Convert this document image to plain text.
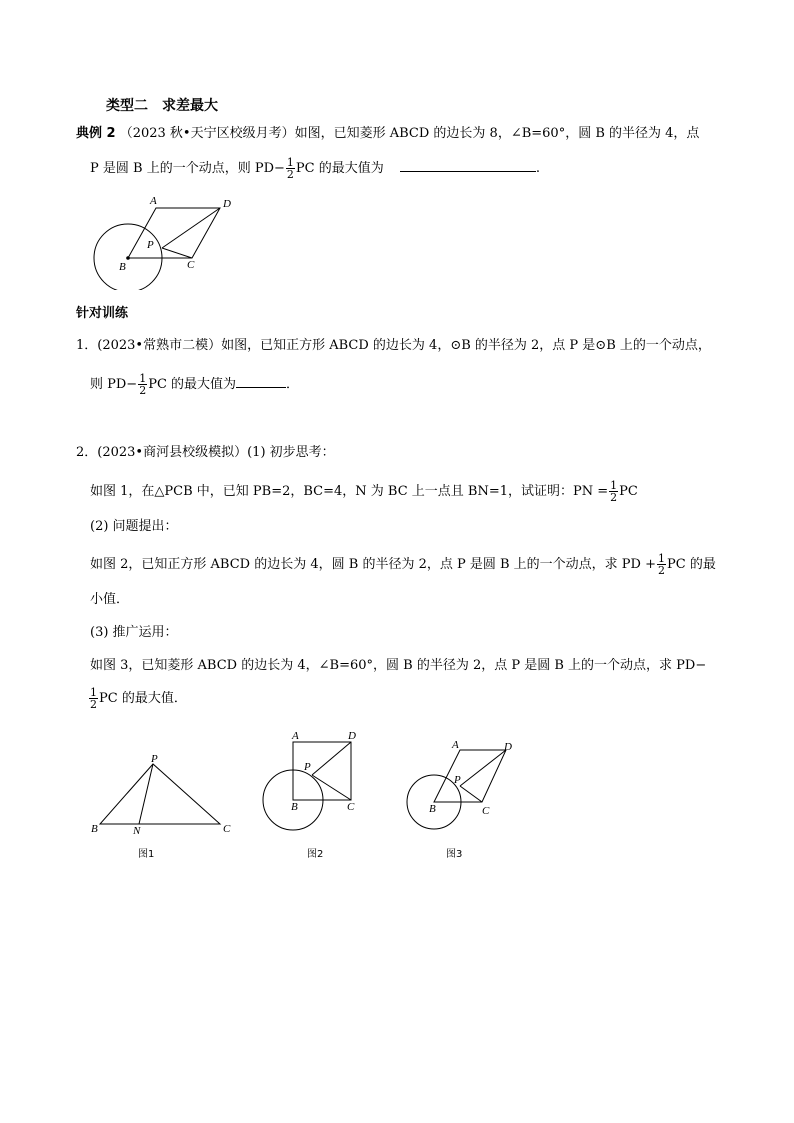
类型二　求差最大
典例 2 （2023 秋•天宁区校级月考）如图，已知菱形 ABCD 的边长为 8，∠B=60°，圆 B 的半径为 4，点
P 是圆 B 上的一个动点，则 $PD- \frac{1}{2}$ PC 的最大值为	.
A	D
P
B	C
针对训练
1．(2023•常熟市二模）如图，已知正方形 ABCD 的边长为 4，⊙B 的半径为 2，点 P 是⊙B 上的一个动点，
则 $PD- \frac{1}{2}$ PC 的最大值为	．
2．(2023•商河县校级模拟）(1) 初步思考：
如图 1，在△PCB 中，已知 PB=2，BC=4，N 为 BC 上一点且 BN=1，试证明：PN = $\frac{1}{2}$ PC
(2) 问题提出：
如图 2，已知正方形 ABCD 的边长为 4，圆 B 的半径为 2，点 P 是圆 B 上的一个动点，求 PD + $\frac{1}{2}$ PC 的最
小值．
(3) 推广运用：
如图 3，已知菱形 ABCD 的边长为 4，∠B=60°，圆 B 的半径为 2，点 P 是圆 B 上的一个动点，求 PD−
$\frac{1}{2}$ PC 的最大值．
P
B	N	C
图1
A	D
P
B	C
图2
A	D
P
B	C
图3
